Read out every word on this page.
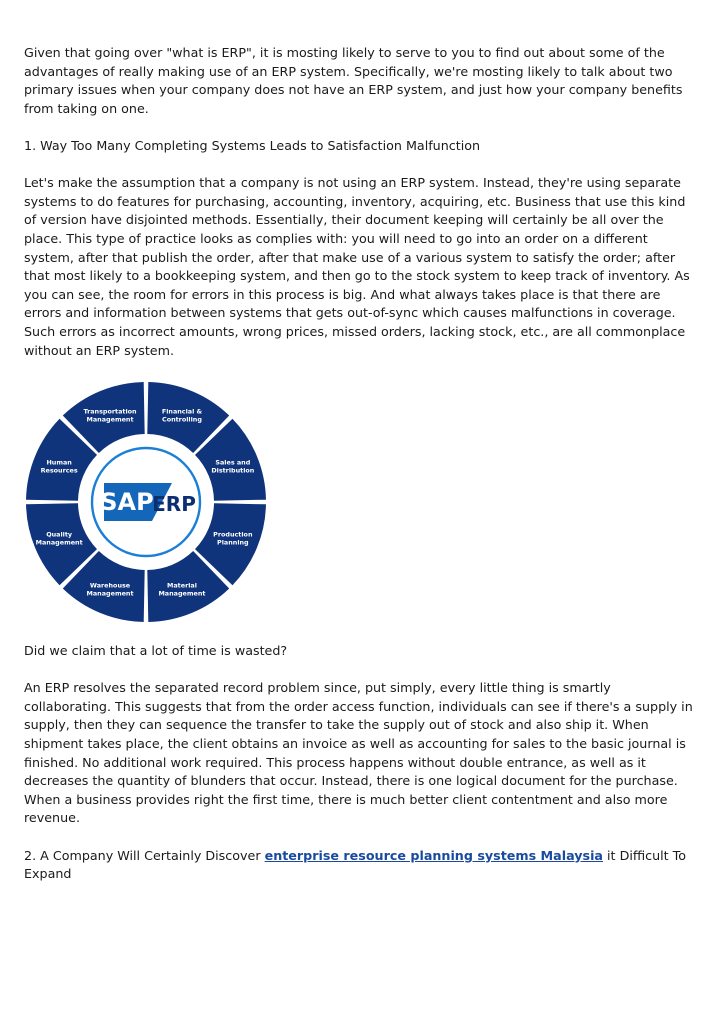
Given that going over "what is ERP", it is mosting likely to serve to you to find out about some of the advantages of really making use of an ERP system. Specifically, we're mosting likely to talk about two primary issues when your company does not have an ERP system, and just how your company benefits from taking on one.

1. Way Too Many Completing Systems Leads to Satisfaction Malfunction

Let's make the assumption that a company is not using an ERP system. Instead, they're using separate systems to do features for purchasing, accounting, inventory, acquiring, etc. Business that use this kind of version have disjointed methods. Essentially, their document keeping will certainly be all over the place. This type of practice looks as complies with: you will need to go into an order on a different system, after that publish the order, after that make use of a various system to satisfy the order; after that most likely to a bookkeeping system, and then go to the stock system to keep track of inventory. As you can see, the room for errors in this process is big. And what always takes place is that there are errors and information between systems that gets out-of-sync which causes malfunctions in coverage. Such errors as incorrect amounts, wrong prices, missed orders, lacking stock, etc., are all commonplace without an ERP system.

Financial & Controlling
Sales and Distribution
Production Planning
Material Management
Warehouse Management
Quality Management
Human Resources
Transportation Management
SAP
ERP

Did we claim that a lot of time is wasted?

An ERP resolves the separated record problem since, put simply, every little thing is smartly collaborating. This suggests that from the order access function, individuals can see if there's a supply in supply, then they can sequence the transfer to take the supply out of stock and also ship it. When shipment takes place, the client obtains an invoice as well as accounting for sales to the basic journal is finished. No additional work required. This process happens without double entrance, as well as it decreases the quantity of blunders that occur. Instead, there is one logical document for the purchase. When a business provides right the first time, there is much better client contentment and also more revenue.

2. A Company Will Certainly Discover enterprise resource planning systems Malaysia it Difficult To Expand
